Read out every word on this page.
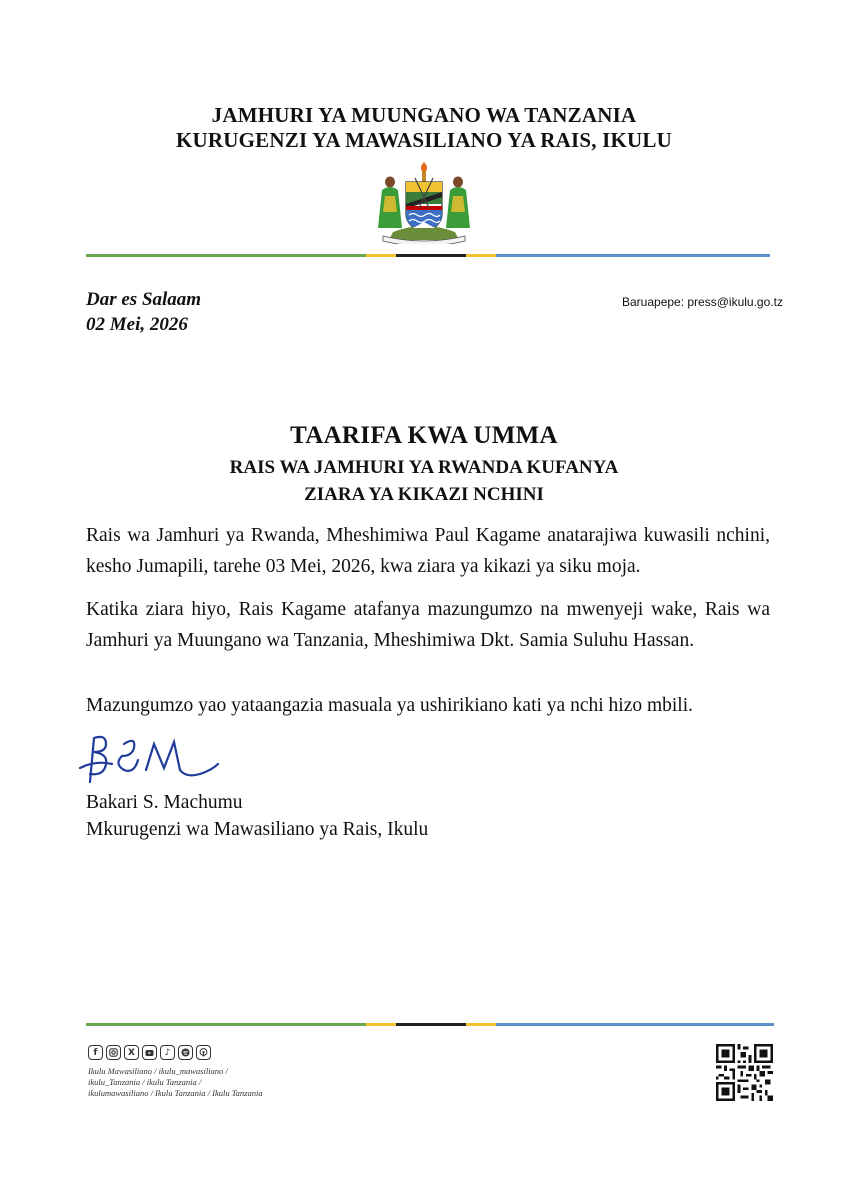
JAMHURI YA MUUNGANO WA TANZANIA
KURUGENZI YA MAWASILIANO YA RAIS, IKULU
Dar es Salaam
02 Mei, 2026
Baruapepe: press@ikulu.go.tz
TAARIFA KWA UMMA
RAIS WA JAMHURI YA RWANDA KUFANYA
ZIARA YA KIKAZI NCHINI
Rais wa Jamhuri ya Rwanda, Mheshimiwa Paul Kagame anatarajiwa kuwasili nchini, kesho Jumapili, tarehe 03 Mei, 2026, kwa ziara ya kikazi ya siku moja.
Katika ziara hiyo, Rais Kagame atafanya mazungumzo na mwenyeji wake, Rais wa Jamhuri ya Muungano wa Tanzania, Mheshimiwa Dkt. Samia Suluhu Hassan.
Mazungumzo yao yataangazia masuala ya ushirikiano kati ya nchi hizo mbili.
Bakari S. Machumu
Mkurugenzi wa Mawasiliano ya Rais, Ikulu
f	X	♪
Ikulu Mawasiliano / ikulu_mawasiliano /
ikulu_Tanzania / ikulu Tanzania /
ikulumawasiliano / Ikulu Tanzania / Ikulu Tanzania
